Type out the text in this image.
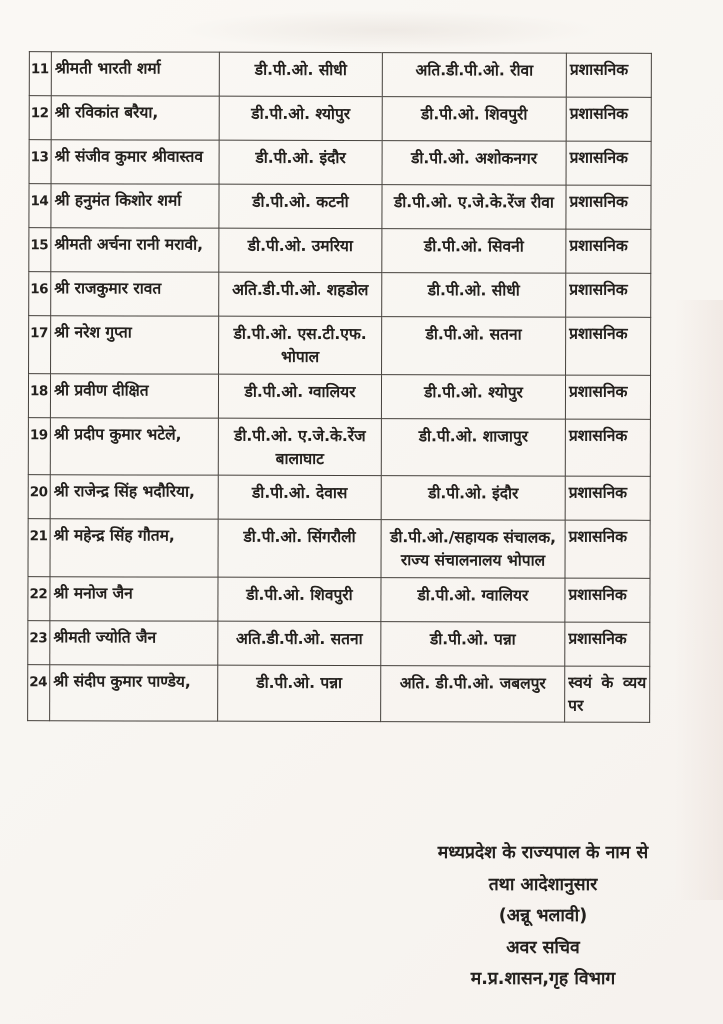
11	श्रीमती भारती शर्मा	डी.पी.ओ. सीधी	अति.डी.पी.ओ. रीवा	प्रशासनिक
12	श्री रविकांत बरैया,	डी.पी.ओ. श्योपुर	डी.पी.ओ. शिवपुरी	प्रशासनिक
13	श्री संजीव कुमार श्रीवास्तव	डी.पी.ओ. इंदौर	डी.पी.ओ. अशोकनगर	प्रशासनिक
14	श्री हनुमंत किशोर शर्मा	डी.पी.ओ. कटनी	डी.पी.ओ. ए.जे.के.रेंज रीवा	प्रशासनिक
15	श्रीमती अर्चना रानी मरावी,	डी.पी.ओ. उमरिया	डी.पी.ओ. सिवनी	प्रशासनिक
16	श्री राजकुमार रावत	अति.डी.पी.ओ. शहडोल	डी.पी.ओ. सीधी	प्रशासनिक
17	श्री नरेश गुप्ता	डी.पी.ओ. एस.टी.एफ. भोपाल	डी.पी.ओ. सतना	प्रशासनिक
18	श्री प्रवीण दीक्षित	डी.पी.ओ. ग्वालियर	डी.पी.ओ. श्योपुर	प्रशासनिक
19	श्री प्रदीप कुमार भटेले,	डी.पी.ओ. ए.जे.के.रेंज बालाघाट	डी.पी.ओ. शाजापुर	प्रशासनिक
20	श्री राजेन्द्र सिंह भदौरिया,	डी.पी.ओ. देवास	डी.पी.ओ. इंदौर	प्रशासनिक
21	श्री महेन्द्र सिंह गौतम,	डी.पी.ओ. सिंगरौली	डी.पी.ओ./सहायक संचालक, राज्य संचालनालय भोपाल	प्रशासनिक
22	श्री मनोज जैन	डी.पी.ओ. शिवपुरी	डी.पी.ओ. ग्वालियर	प्रशासनिक
23	श्रीमती ज्योति जैन	अति.डी.पी.ओ. सतना	डी.पी.ओ. पन्ना	प्रशासनिक
24	श्री संदीप कुमार पाण्डेय,	डी.पी.ओ. पन्ना	अति. डी.पी.ओ. जबलपुर	स्वयं के व्यय पर
मध्यप्रदेश के राज्यपाल के नाम से
तथा आदेशानुसार
(अन्नू भलावी)
अवर सचिव
म.प्र.शासन,गृह विभाग
